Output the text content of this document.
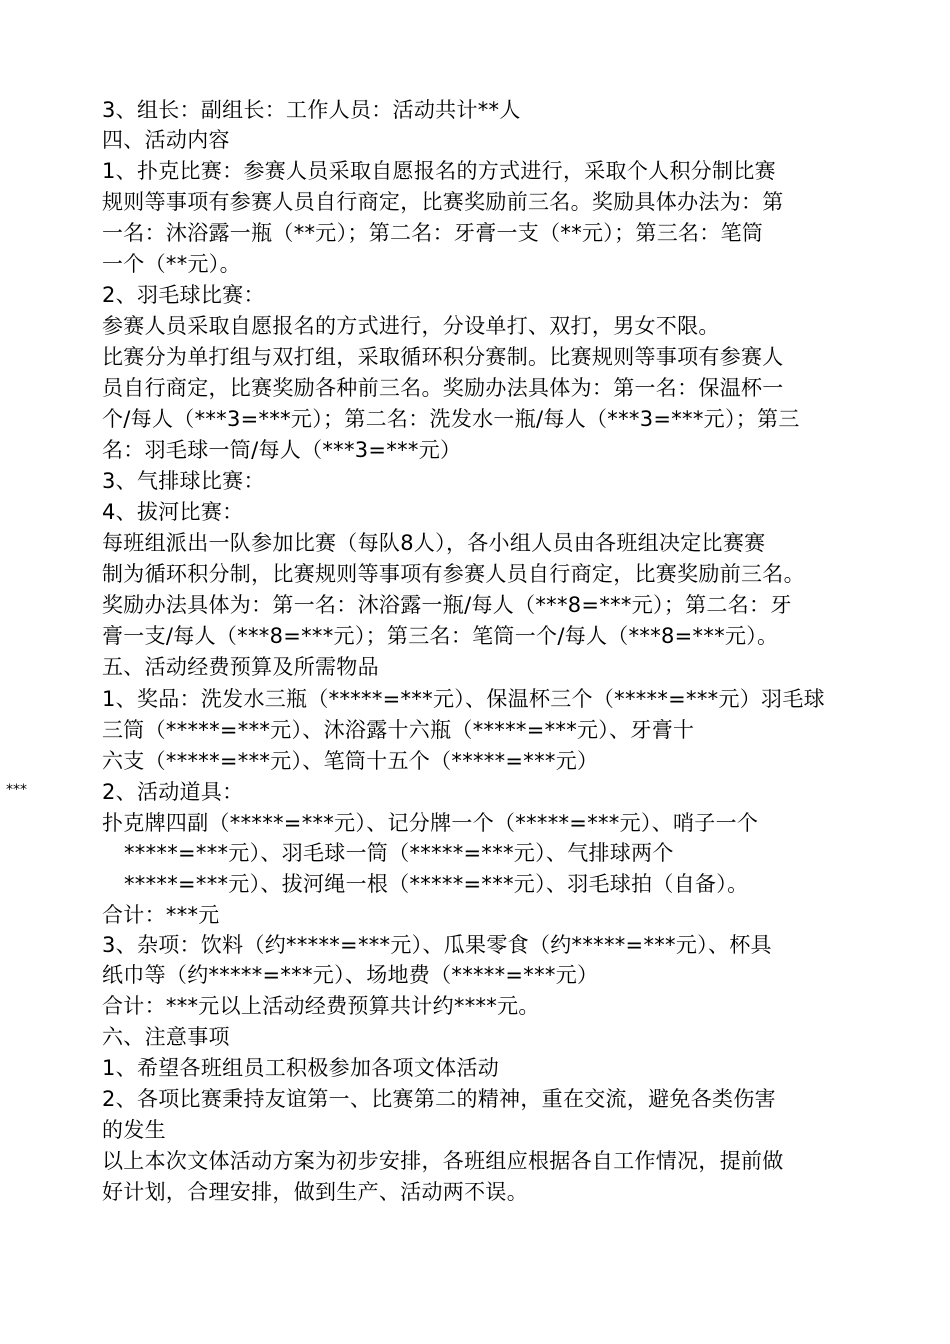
***
3、组长：副组长：工作人员：活动共计**人
四、活动内容
1、扑克比赛：参赛人员采取自愿报名的方式进行，采取个人积分制比赛
规则等事项有参赛人员自行商定，比赛奖励前三名。奖励具体办法为：第
一名：沐浴露一瓶（**元）；第二名：牙膏一支（**元）；第三名：笔筒
一个（**元）。
2、羽毛球比赛：
参赛人员采取自愿报名的方式进行，分设单打、双打，男女不限。
比赛分为单打组与双打组，采取循环积分赛制。比赛规则等事项有参赛人
员自行商定，比赛奖励各种前三名。奖励办法具体为：第一名：保温杯一
个/每人（***3=***元）；第二名：洗发水一瓶/每人（***3=***元）；第三
名：羽毛球一筒/每人（***3=***元）
3、气排球比赛：
4、拔河比赛：
每班组派出一队参加比赛（每队8人），各小组人员由各班组决定比赛赛
制为循环积分制，比赛规则等事项有参赛人员自行商定，比赛奖励前三名。
奖励办法具体为：第一名：沐浴露一瓶/每人（***8=***元）；第二名：牙
膏一支/每人（***8=***元）；第三名：笔筒一个/每人（***8=***元）。
五、活动经费预算及所需物品
1、奖品：洗发水三瓶（*****=***元）、保温杯三个（*****=***元）羽毛球
三筒（*****=***元）、沐浴露十六瓶（*****=***元）、牙膏十
六支（*****=***元）、笔筒十五个（*****=***元）
2、活动道具：
扑克牌四副（*****=***元）、记分牌一个（*****=***元）、哨子一个
*****=***元）、羽毛球一筒（*****=***元）、气排球两个
*****=***元）、拔河绳一根（*****=***元）、羽毛球拍（自备）。
合计：***元
3、杂项：饮料（约*****=***元）、瓜果零食（约*****=***元）、杯具
纸巾等（约*****=***元）、场地费（*****=***元）
合计：***元以上活动经费预算共计约****元。
六、注意事项
1、希望各班组员工积极参加各项文体活动
2、各项比赛秉持友谊第一、比赛第二的精神，重在交流，避免各类伤害
的发生
以上本次文体活动方案为初步安排，各班组应根据各自工作情况，提前做
好计划，合理安排，做到生产、活动两不误。
